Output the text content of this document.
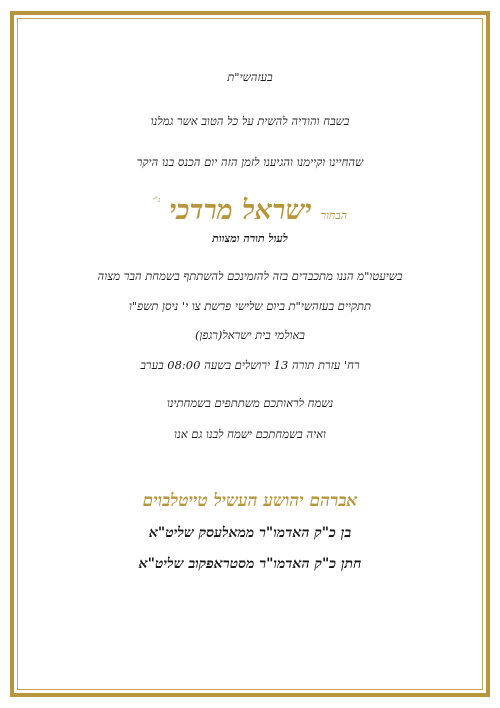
בעזהשי"ת
בשבח והודיה להשית על כל הטוב אשר גמלנו
שהחיינו וקיימנו והגיענו לזמן הזה יום הכנס בנו היקר
הבחור ישראל מרדכי $^{נ"י}$
לעול תורה ומצוות
בשיעטו"מ הננו מתכבדים בזה להזמינכם להשתתף בשמחת הבר מצוה
תתקיים בעזהשי"ת ביום שלישי פרשת צו י' ניסן תשפ"ו
באולמי בית ישראל(רגפן)
רח' עזרת תורה 13 ירושלים בשעה 08:00 בערב
נשמח לראותכם משתתפים בשמחתינו
ואיה בשמחתכם ישמח לבנו גם אנו
אברהם יהושע העשיל טייטלבוים
בן כ"ק האדמו"ר ממאלעסק שליט"א
חתן כ"ק האדמו"ר מסטראפקוב שליט"א
